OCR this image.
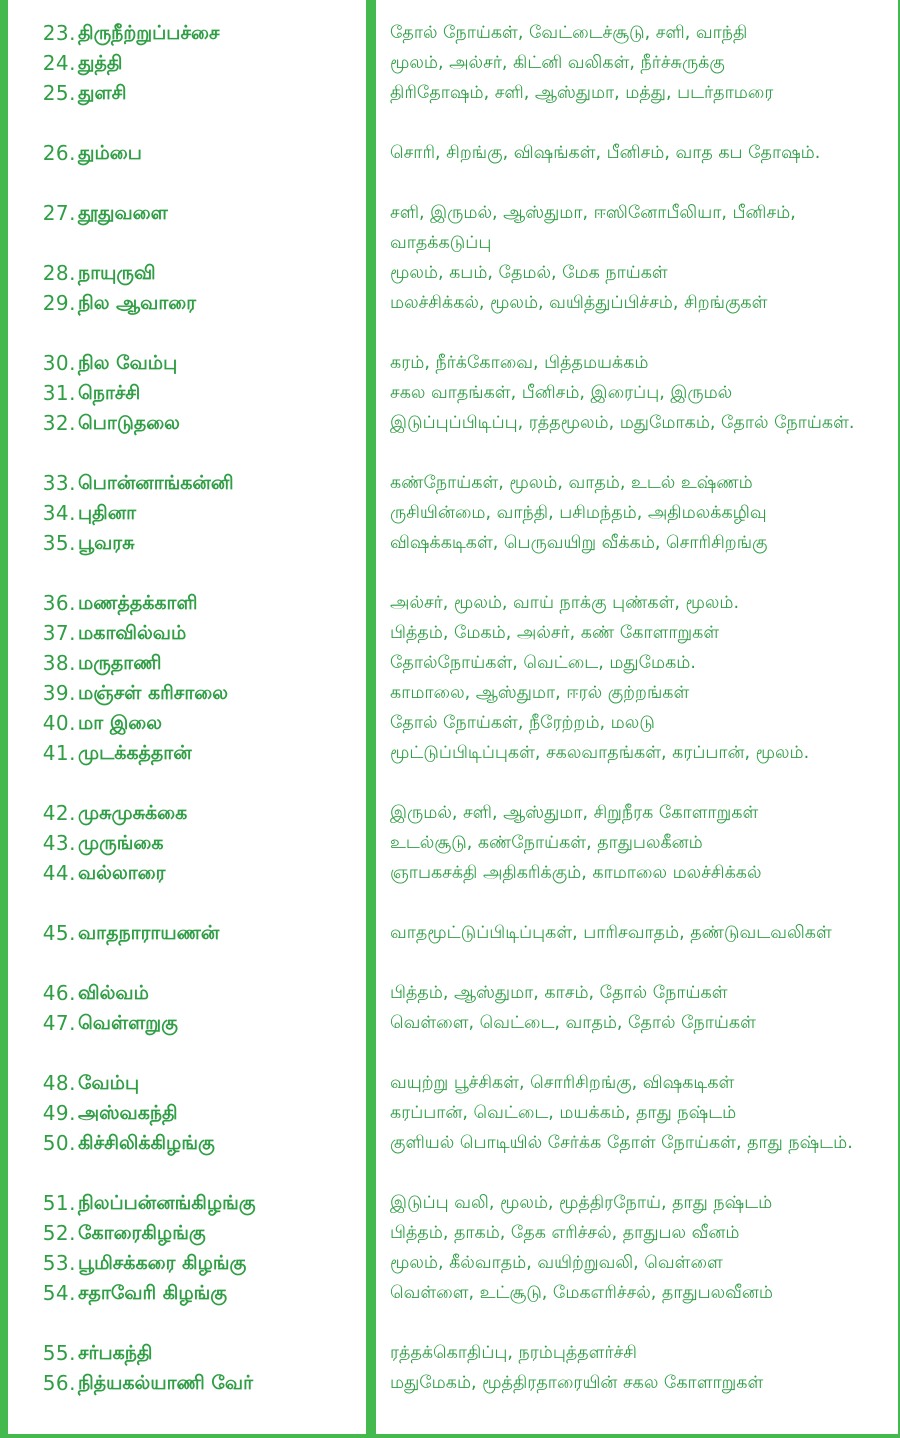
23. திருநீற்றுப்பச்சை
24. துத்தி
25. துளசி
26. தும்பை
27. தூதுவளை
28. நாயுருவி
29. நில ஆவாரை
30. நில வேம்பு
31. நொச்சி
32. பொடுதலை
33. பொன்னாங்கன்னி
34. புதினா
35. பூவரசு
36. மணத்தக்காளி
37. மகாவில்வம்
38. மருதாணி
39. மஞ்சள் கரிசாலை
40. மா இலை
41. முடக்கத்தான்
42. முசுமுசுக்கை
43. முருங்கை
44. வல்லாரை
45. வாதநாராயணன்
46. வில்வம்
47. வெள்ளறுகு
48. வேம்பு
49. அஸ்வகந்தி
50. கிச்சிலிக்கிழங்கு
51. நிலப்பன்னங்கிழங்கு
52. கோரைகிழங்கு
53. பூமிசக்கரை கிழங்கு
54. சதாவேரி கிழங்கு
55. சர்பகந்தி
56. நித்யகல்யாணி வேர்
தோல் நோய்கள், வேட்டைச்சூடு, சளி, வாந்தி
மூலம், அல்சர், கிட்னி வலிகள், நீர்ச்சுருக்கு
திரிதோஷம், சளி, ஆஸ்துமா, மத்து, படர்தாமரை
சொரி, சிறங்கு, விஷங்கள், பீனிசம், வாத கப தோஷம்.
சளி, இருமல், ஆஸ்துமா, ஈஸினோபீலியா, பீனிசம், வாதக்கடுப்பு
மூலம், கபம், தேமல், மேக நாய்கள்
மலச்சிக்கல், மூலம், வயித்துப்பிச்சம், சிறங்குகள்
கரம், நீர்க்கோவை, பித்தமயக்கம்
சகல வாதங்கள், பீனிசம், இரைப்பு, இருமல்
இடுப்புப்பிடிப்பு, ரத்தமூலம், மதுமோகம், தோல் நோய்கள்.
கண்நோய்கள், மூலம், வாதம், உடல் உஷ்ணம்
ருசியின்மை, வாந்தி, பசிமந்தம், அதிமலக்கழிவு
விஷக்கடிகள், பெருவயிறு வீக்கம், சொரிசிறங்கு
அல்சர், மூலம், வாய் நாக்கு புண்கள், மூலம்.
பித்தம், மேகம், அல்சர், கண் கோளாறுகள்
தோல்நோய்கள், வெட்டை, மதுமேகம்.
காமாலை, ஆஸ்துமா, ஈரல் குற்றங்கள்
தோல் நோய்கள், நீரேற்றம், மலடு
மூட்டுப்பிடிப்புகள், சகலவாதங்கள், கரப்பான், மூலம்.
இருமல், சளி, ஆஸ்துமா, சிறுநீரக கோளாறுகள்
உடல்சூடு, கண்நோய்கள், தாதுபலகீனம்
ஞாபகசக்தி அதிகரிக்கும், காமாலை மலச்சிக்கல்
வாதமூட்டுப்பிடிப்புகள், பாரிசவாதம், தண்டுவடவலிகள்
பித்தம், ஆஸ்துமா, காசம், தோல் நோய்கள்
வெள்ளை, வெட்டை, வாதம், தோல் நோய்கள்
வயுற்று பூச்சிகள், சொரிசிறங்கு, விஷகடிகள்
கரப்பான், வெட்டை, மயக்கம், தாது நஷ்டம்
குளியல் பொடியில் சேர்க்க தோள் நோய்கள், தாது நஷ்டம்.
இடுப்பு வலி, மூலம், மூத்திரநோய், தாது நஷ்டம்
பித்தம், தாகம், தேக எரிச்சல், தாதுபல வீனம்
மூலம், கீல்வாதம், வயிற்றுவலி, வெள்ளை
வெள்ளை, உட்சூடு, மேகஎரிச்சல், தாதுபலவீனம்
ரத்தக்கொதிப்பு, நரம்புத்தளர்ச்சி
மதுமேகம், மூத்திரதாரையின் சகல கோளாறுகள்
